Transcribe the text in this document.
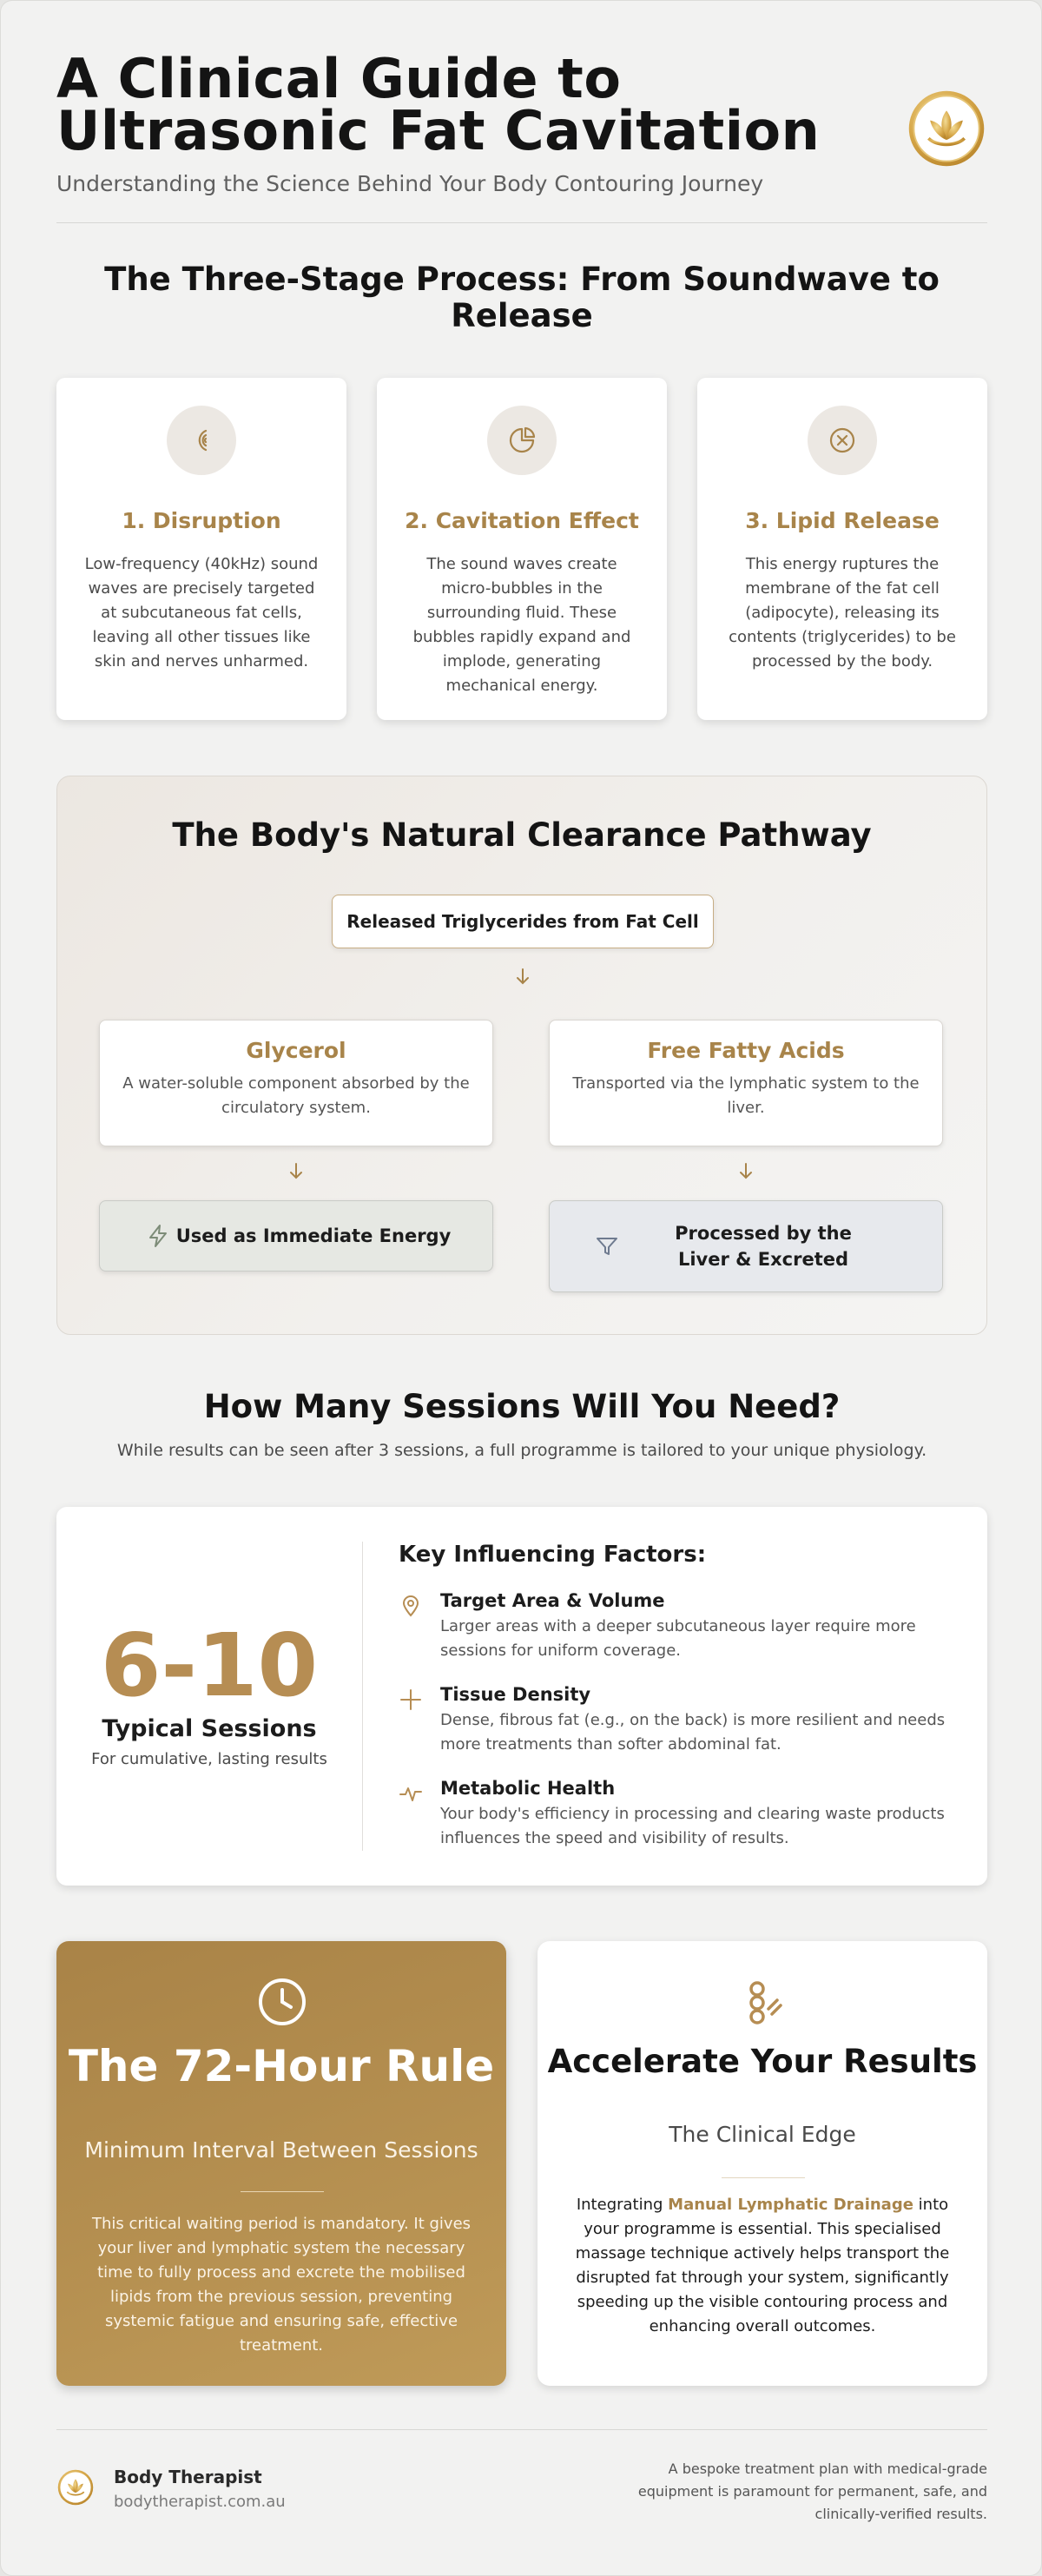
A Clinical Guide to Ultrasonic Fat Cavitation
Understanding the Science Behind Your Body Contouring Journey
The Three-Stage Process: From Soundwave to Release
1. Disruption

Low-frequency (40kHz) sound waves are precisely targeted at subcutaneous fat cells, leaving all other tissues like skin and nerves unharmed.

2. Cavitation Effect

The sound waves create micro-bubbles in the surrounding fluid. These bubbles rapidly expand and implode, generating mechanical energy.

3. Lipid Release

This energy ruptures the membrane of the fat cell (adipocyte), releasing its contents (triglycerides) to be processed by the body.

The Body's Natural Clearance Pathway
Released Triglycerides from Fat Cell
Glycerol

A water-soluble component absorbed by the circulatory system.

Free Fatty Acids

Transported via the lymphatic system to the liver.

Used as Immediate Energy	Processed by the Liver & Excreted
How Many Sessions Will You Need?
While results can be seen after 3 sessions, a full programme is tailored to your unique physiology.
6-10
Typical Sessions
For cumulative, lasting results
Key Influencing Factors:
Target Area & Volume

Larger areas with a deeper subcutaneous layer require more sessions for uniform coverage.

Tissue Density

Dense, fibrous fat (e.g., on the back) is more resilient and needs more treatments than softer abdominal fat.

Metabolic Health

Your body's efficiency in processing and clearing waste products influences the speed and visibility of results.

The 72-Hour Rule
Minimum Interval Between Sessions

This critical waiting period is mandatory. It gives your liver and lymphatic system the necessary time to fully process and excrete the mobilised lipids from the previous session, preventing systemic fatigue and ensuring safe, effective treatment.

Accelerate Your Results
The Clinical Edge

Integrating Manual Lymphatic Drainage into your programme is essential. This specialised massage technique actively helps transport the disrupted fat through your system, significantly speeding up the visible contouring process and enhancing overall outcomes.

Body Therapist
bodytherapist.com.au
A bespoke treatment plan with medical-grade equipment is paramount for permanent, safe, and clinically-verified results.
